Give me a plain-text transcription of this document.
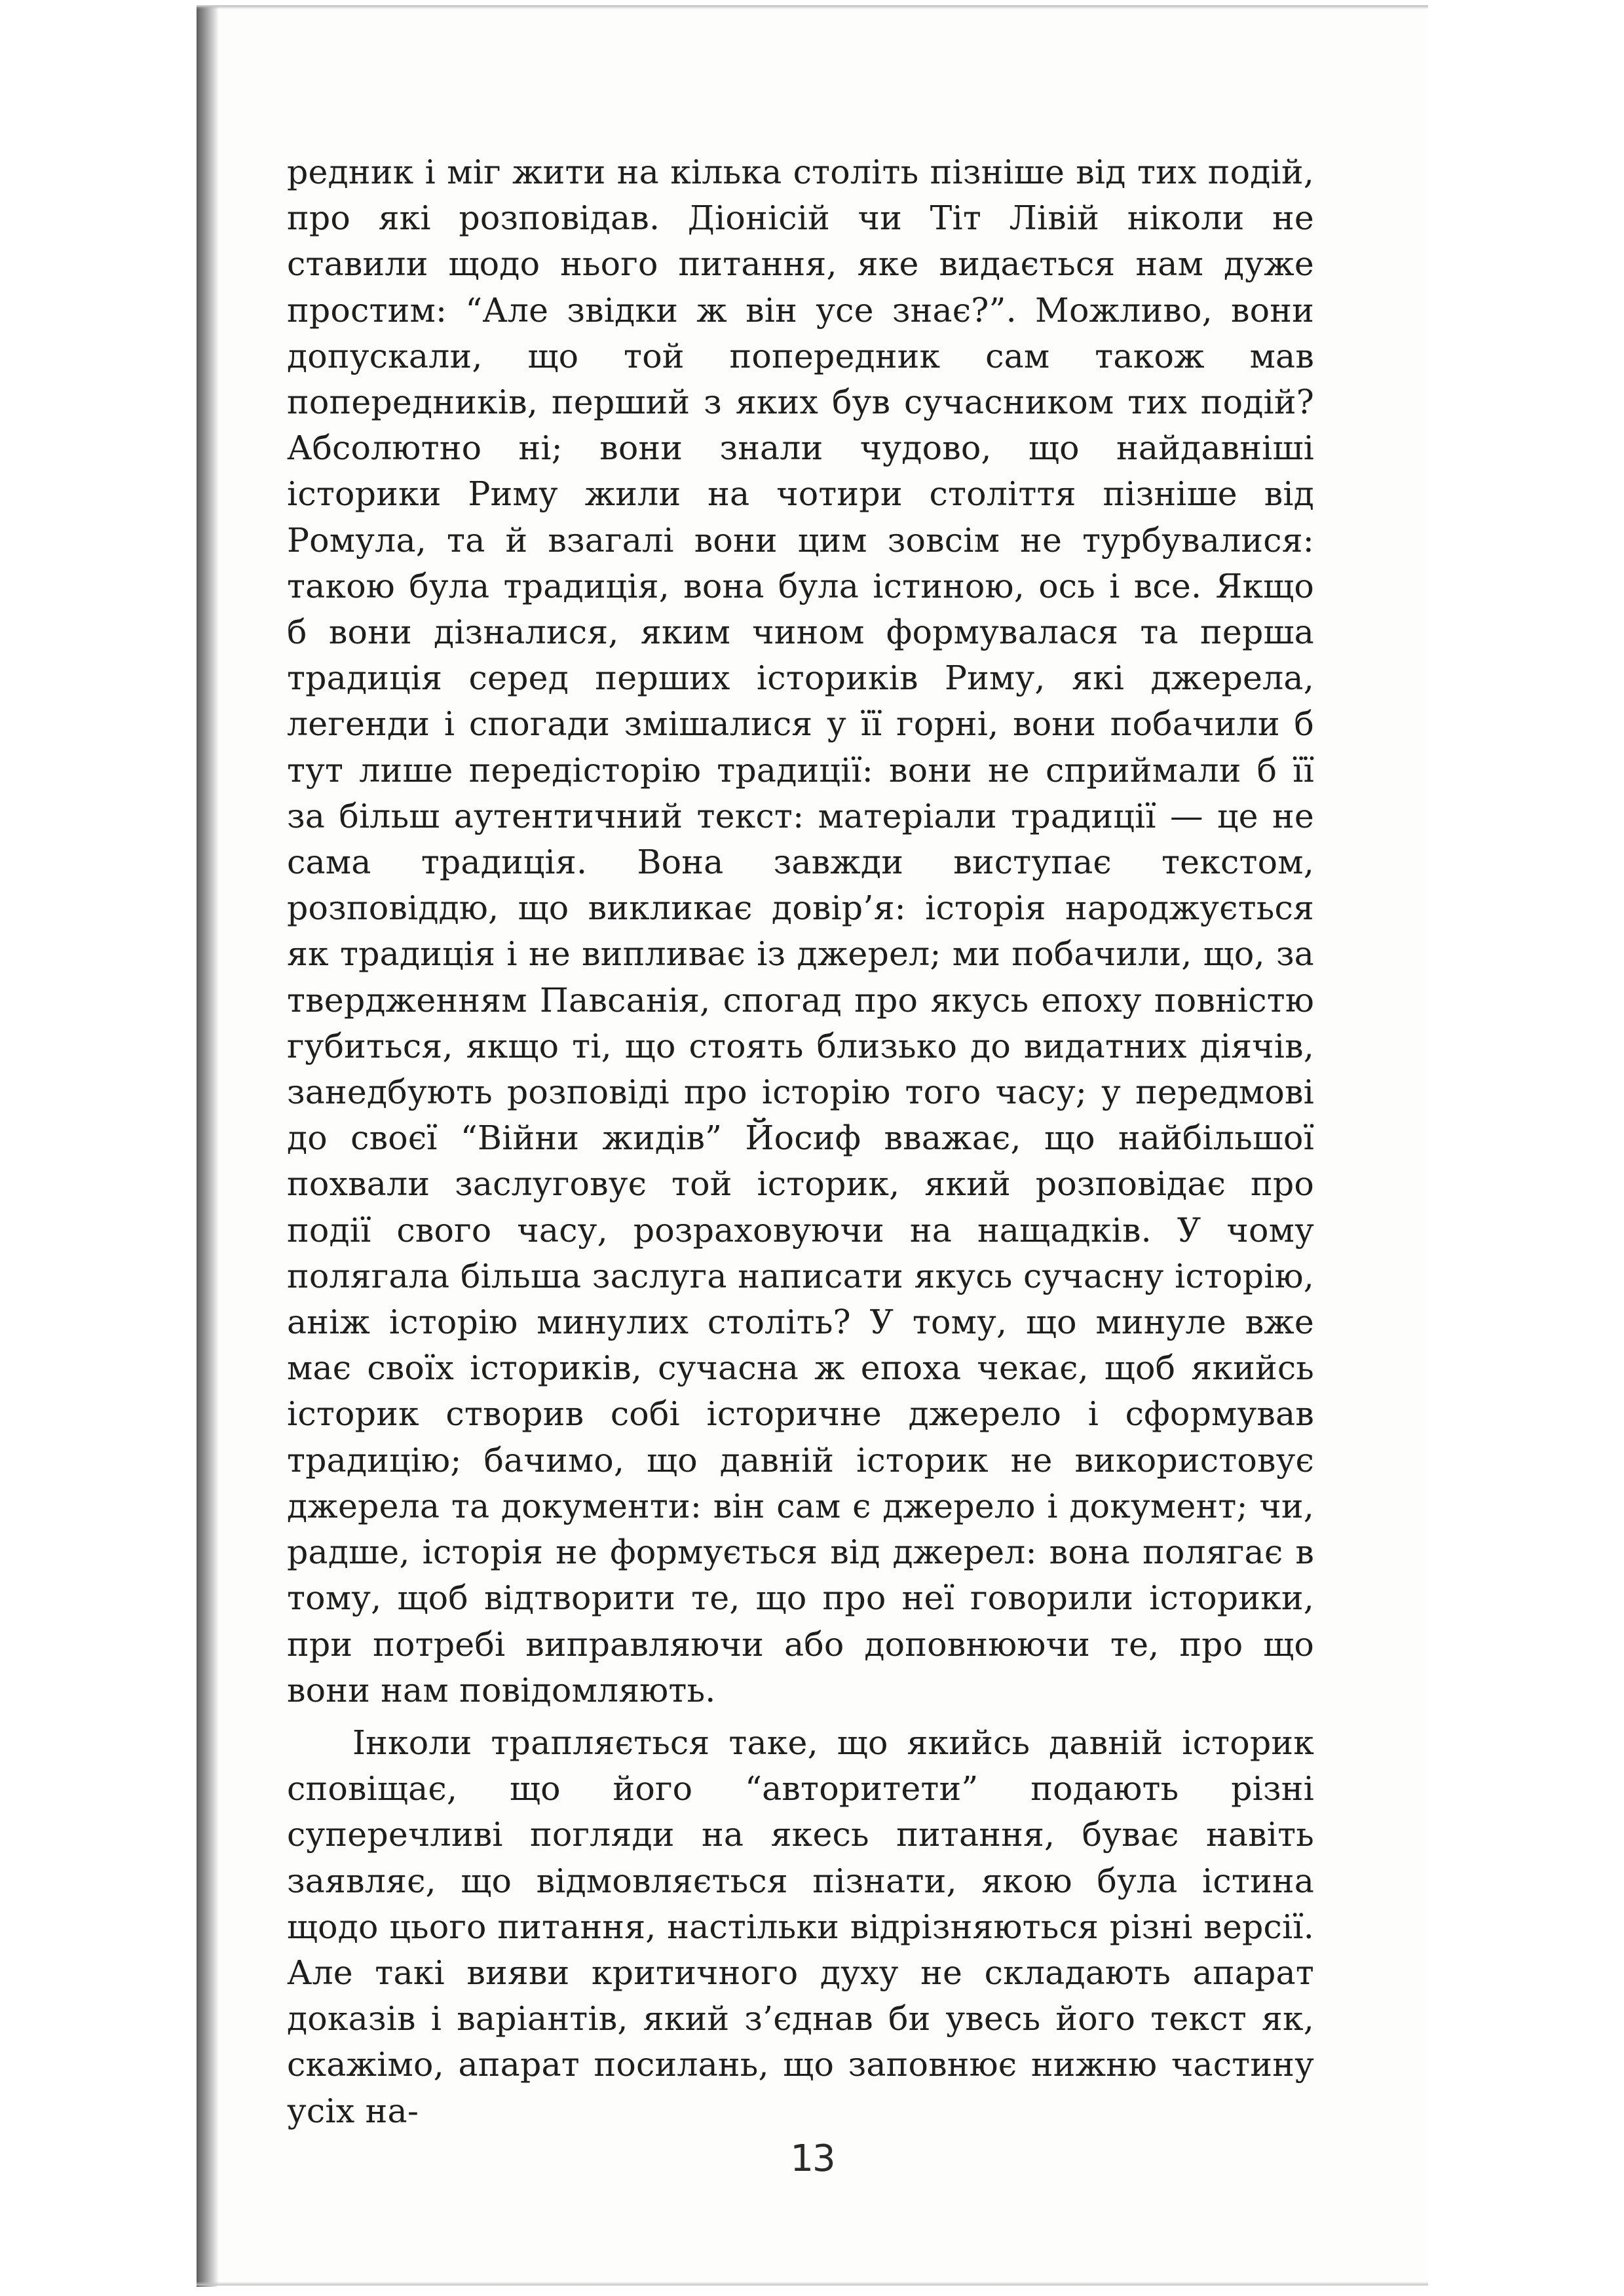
редник і міг жити на кілька століть пізніше від тих подій, про які розповідав. Діонісій чи Тіт Лівій ніколи не ставили щодо нього питання, яке видається нам дуже простим: “Але звідки ж він усе знає?”. Можливо, вони допускали, що той попередник сам також мав попередників, перший з яких був сучасником тих подій? Абсолютно ні; вони знали чудово, що найдавніші історики Риму жили на чотири століття пізніше від Ромула, та й взагалі вони цим зовсім не турбувалися: такою була традиція, вона була істиною, ось і все. Якщо б вони дізналися, яким чином формувалася та перша традиція серед перших істориків Риму, які джерела, легенди і спогади змішалися у її горні, вони побачили б тут лише передісторію традиції: вони не сприймали б її за більш аутентичний текст: матеріали традиції — це не сама традиція. Вона завжди виступає текстом, розповіддю, що викликає довір’я: історія народжується як традиція і не випливає із джерел; ми побачили, що, за твердженням Павсанія, спогад про якусь епоху повністю губиться, якщо ті, що стоять близько до видатних діячів, занедбують розповіді про історію того часу; у передмові до своєї “Війни жидів” Йосиф вважає, що найбільшої похвали заслуговує той історик, який розповідає про події свого часу, розраховуючи на нащадків. У чому полягала більша заслуга написати якусь сучасну історію, аніж історію минулих століть? У тому, що минуле вже має своїх істориків, сучасна ж епоха чекає, щоб якийсь історик створив собі історичне джерело і сформував традицію; бачимо, що давній історик не використовує джерела та документи: він сам є джерело і документ; чи, радше, історія не формується від джерел: вона полягає в тому, щоб відтворити те, що про неї говорили історики, при потребі виправляючи або доповнюючи те, про що вони нам повідомляють.

Інколи трапляється таке, що якийсь давній історик сповіщає, що його “авторитети” подають різні суперечливі погляди на якесь питання, буває навіть заявляє, що відмовляється пізнати, якою була істина щодо цього питання, настільки відрізняються різні версії. Але такі вияви критичного духу не складають апарат доказів і варіантів, який з’єднав би увесь його текст як, скажімо, апарат посилань, що заповнює нижню частину усіх на-

13
